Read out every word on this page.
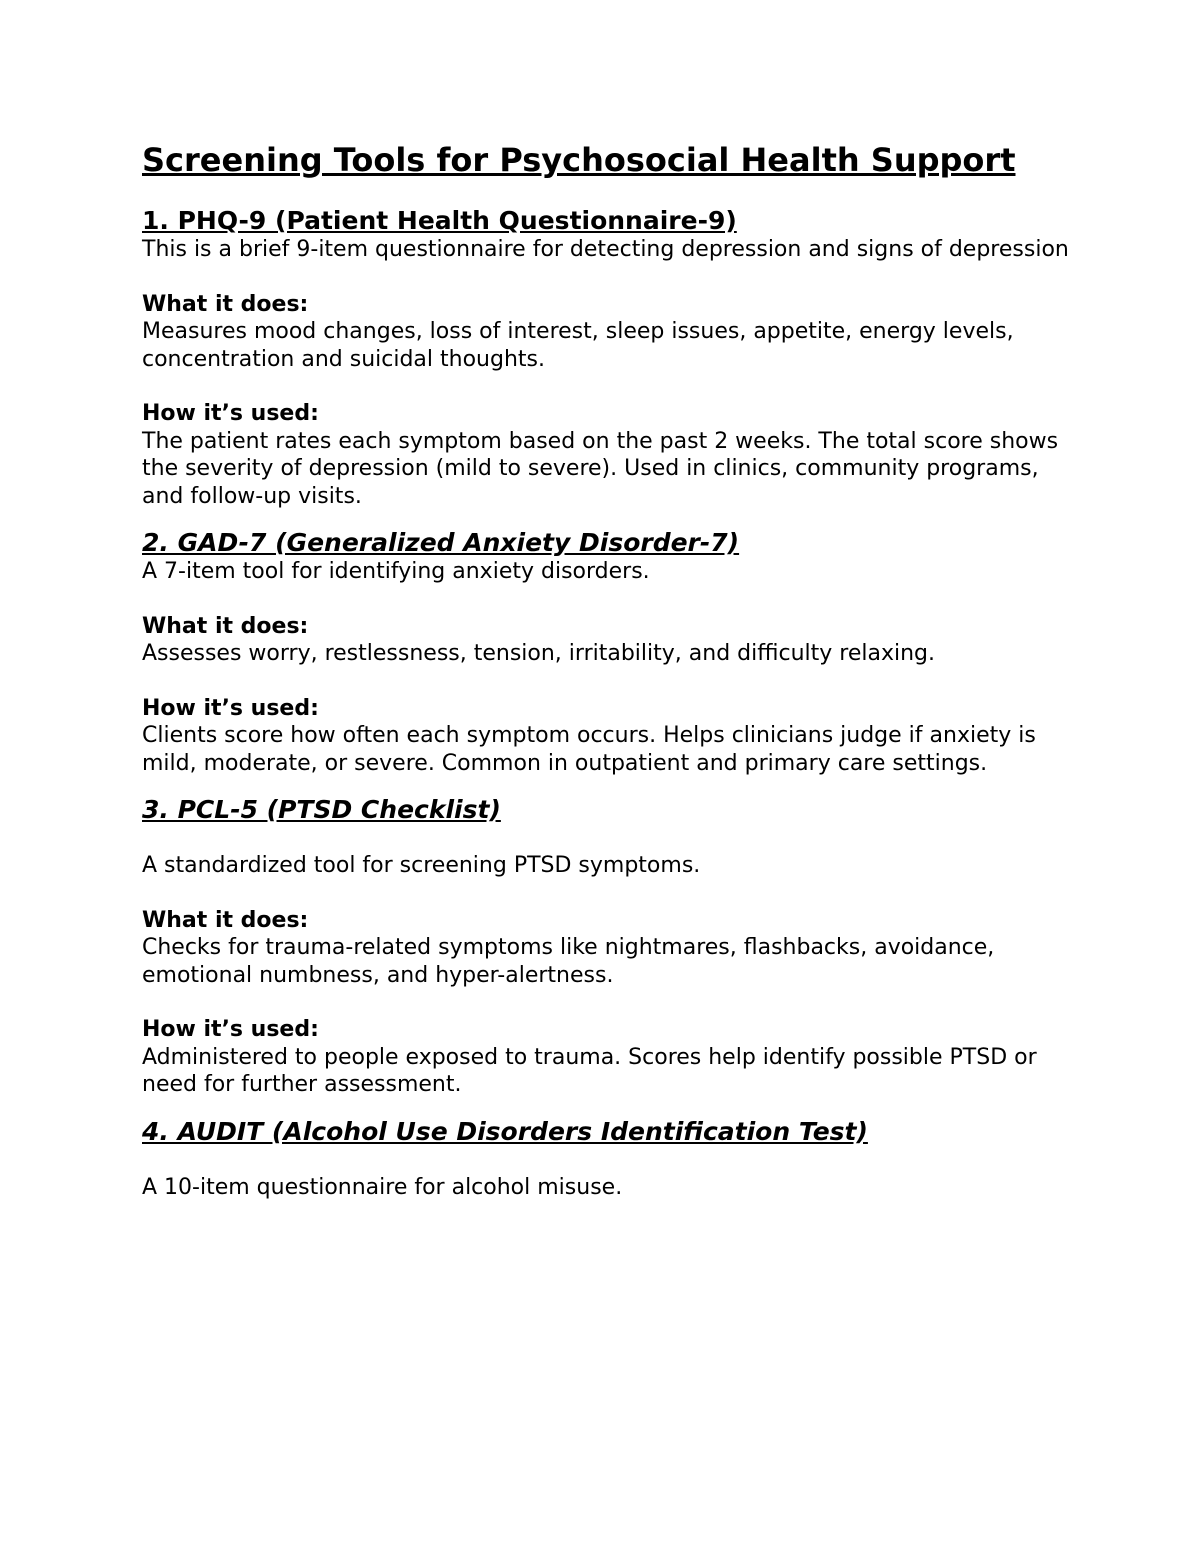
Screening Tools for Psychosocial Health Support
1. PHQ-9 (Patient Health Questionnaire-9)

This is a brief 9-item questionnaire for detecting depression and signs of depression

What it does:

Measures mood changes, loss of interest, sleep issues, appetite, energy levels, concentration and suicidal thoughts.

How it’s used:

The patient rates each symptom based on the past 2 weeks. The total score shows the severity of depression (mild to severe). Used in clinics, community programs, and follow-up visits.

2. GAD-7 (Generalized Anxiety Disorder-7)

A 7-item tool for identifying anxiety disorders.

What it does:

Assesses worry, restlessness, tension, irritability, and difficulty relaxing.

How it’s used:

Clients score how often each symptom occurs. Helps clinicians judge if anxiety is mild, moderate, or severe. Common in outpatient and primary care settings.

3. PCL-5 (PTSD Checklist)

A standardized tool for screening PTSD symptoms.

What it does:

Checks for trauma-related symptoms like nightmares, flashbacks, avoidance, emotional numbness, and hyper-alertness.

How it’s used:

Administered to people exposed to trauma. Scores help identify possible PTSD or need for further assessment.

4. AUDIT (Alcohol Use Disorders Identification Test)

A 10-item questionnaire for alcohol misuse.
